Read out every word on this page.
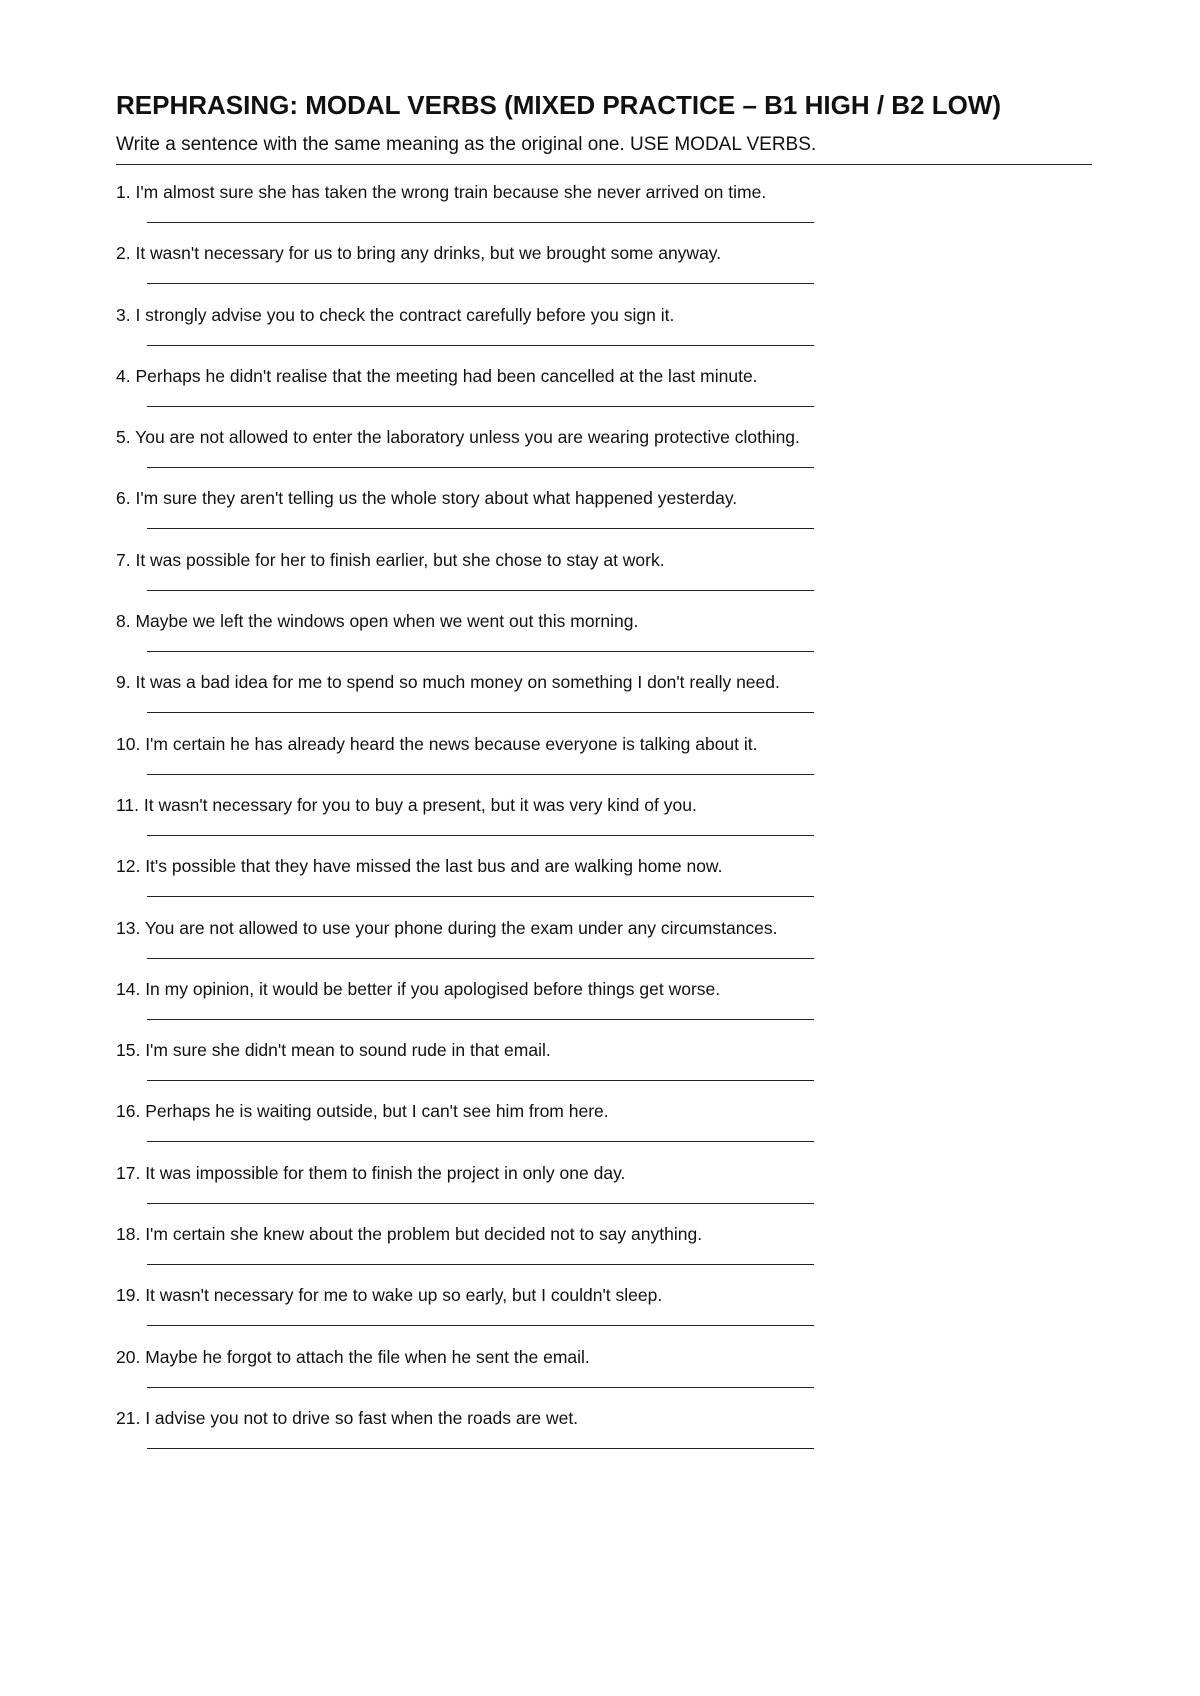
REPHRASING: MODAL VERBS (MIXED PRACTICE – B1 HIGH / B2 LOW)

Write a sentence with the same meaning as the original one. USE MODAL VERBS.

1. I'm almost sure she has taken the wrong train because she never arrived on time.
2. It wasn't necessary for us to bring any drinks, but we brought some anyway.
3. I strongly advise you to check the contract carefully before you sign it.
4. Perhaps he didn't realise that the meeting had been cancelled at the last minute.
5. You are not allowed to enter the laboratory unless you are wearing protective clothing.
6. I'm sure they aren't telling us the whole story about what happened yesterday.
7. It was possible for her to finish earlier, but she chose to stay at work.
8. Maybe we left the windows open when we went out this morning.
9. It was a bad idea for me to spend so much money on something I don't really need.
10. I'm certain he has already heard the news because everyone is talking about it.
11. It wasn't necessary for you to buy a present, but it was very kind of you.
12. It's possible that they have missed the last bus and are walking home now.
13. You are not allowed to use your phone during the exam under any circumstances.
14. In my opinion, it would be better if you apologised before things get worse.
15. I'm sure she didn't mean to sound rude in that email.
16. Perhaps he is waiting outside, but I can't see him from here.
17. It was impossible for them to finish the project in only one day.
18. I'm certain she knew about the problem but decided not to say anything.
19. It wasn't necessary for me to wake up so early, but I couldn't sleep.
20. Maybe he forgot to attach the file when he sent the email.
21. I advise you not to drive so fast when the roads are wet.
